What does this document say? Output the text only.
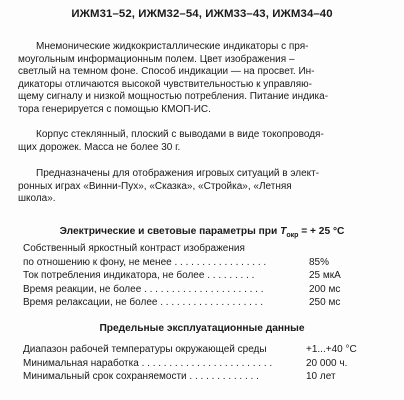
ИЖМ31–52, ИЖМ32–54, ИЖМ33–43, ИЖМ34–40
Мнемонические жидкокристаллические индикаторы с пря-
моугольным информационным полем. Цвет изображения –
светлый на темном фоне. Способ индикации — на просвет. Ин-
дикаторы отличаются высокой чувствительностью к управляю-
щему сигналу и низкой мощностью потребления. Питание индика-
тора генерируется с помощью КМОП-ИС.
Корпус стеклянный, плоский с выводами в виде токопроводя-
щих дорожек. Масса не более 30 г.
Предназначены для отображения игровых ситуаций в элект-
ронных играх «Винни-Пух», «Сказка», «Стройка», «Летняя
школа».
Электрические и световые параметры при $T_{окр}$ = + 25 °С
Собственный яркостный контраст изображения
по отношению к фону, не менее . . . . . . . . . . . . . . . . .	85%
Ток потребления индикатора, не более . . . . . . . . .	25 мкА
Время реакции, не более . . . . . . . . . . . . . . . . . . . . . .	200 мс
Время релаксации, не более . . . . . . . . . . . . . . . . . . .	250 мс
Предельные эксплуатационные данные
Диапазон рабочей температуры окружающей среды	+1...+40 °С
Минимальная наработка . . . . . . . . . . . . . . . . . . . . . . . .	20 000 ч.
Минимальный срок сохраняемости . . . . . . . . . . . . .	10 лет
